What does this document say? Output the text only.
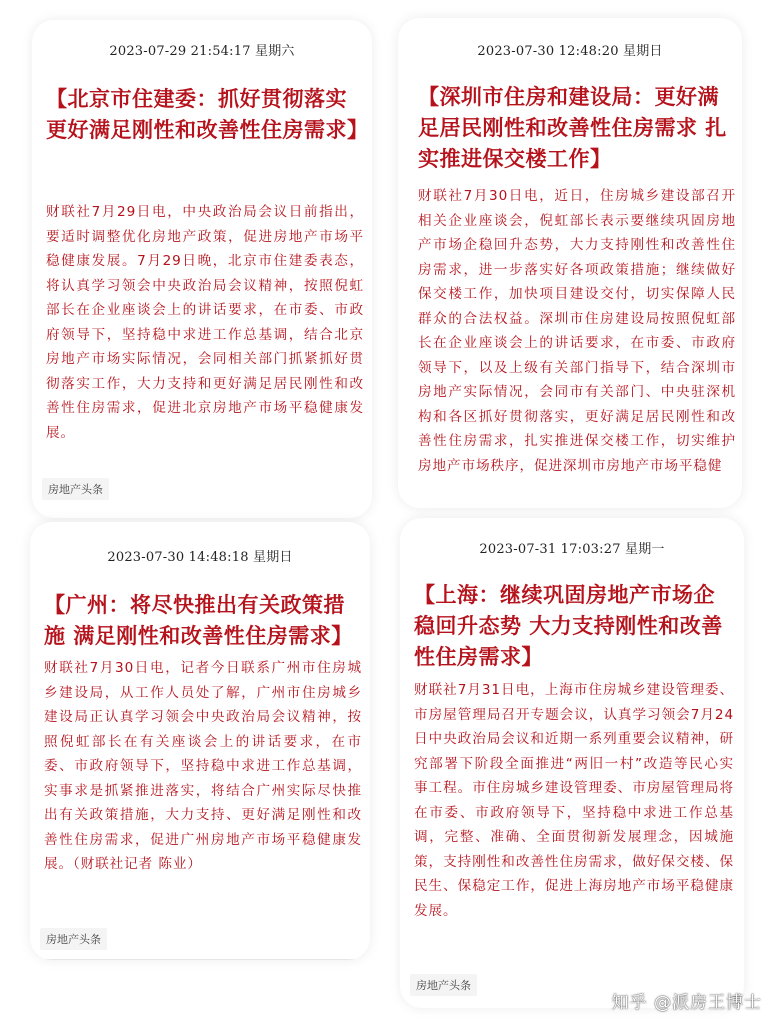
2023-07-29 21:54:17 星期六
【北京市住建委：抓好贯彻落实更好满足刚性和改善性住房需求】
财联社7月29日电，中央政治局会议日前指出，要适时调整优化房地产政策，促进房地产市场平稳健康发展。7月29日晚，北京市住建委表态，将认真学习领会中央政治局会议精神，按照倪虹部长在企业座谈会上的讲话要求，在市委、市政府领导下，坚持稳中求进工作总基调，结合北京房地产市场实际情况，会同相关部门抓紧抓好贯彻落实工作，大力支持和更好满足居民刚性和改善性住房需求，促进北京房地产市场平稳健康发展。
房地产头条
2023-07-30 12:48:20 星期日
【深圳市住房和建设局：更好满足居民刚性和改善性住房需求 扎实推进保交楼工作】
财联社7月30日电，近日，住房城乡建设部召开相关企业座谈会，倪虹部长表示要继续巩固房地产市场企稳回升态势，大力支持刚性和改善性住房需求，进一步落实好各项政策措施；继续做好保交楼工作，加快项目建设交付，切实保障人民群众的合法权益。深圳市住房建设局按照倪虹部长在企业座谈会上的讲话要求，在市委、市政府领导下，以及上级有关部门指导下，结合深圳市房地产实际情况，会同市有关部门、中央驻深机构和各区抓好贯彻落实，更好满足居民刚性和改善性住房需求，扎实推进保交楼工作，切实维护房地产市场秩序，促进深圳市房地产市场平稳健
2023-07-30 14:48:18 星期日
【广州：将尽快推出有关政策措施 满足刚性和改善性住房需求】
财联社7月30日电，记者今日联系广州市住房城乡建设局，从工作人员处了解，广州市住房城乡建设局正认真学习领会中央政治局会议精神，按照倪虹部长在有关座谈会上的讲话要求，在市委、市政府领导下，坚持稳中求进工作总基调，实事求是抓紧推进落实，将结合广州实际尽快推出有关政策措施，大力支持、更好满足刚性和改善性住房需求，促进广州房地产市场平稳健康发展。（财联社记者 陈业）
房地产头条
2023-07-31 17:03:27 星期一
【上海：继续巩固房地产市场企稳回升态势 大力支持刚性和改善性住房需求】
财联社7月31日电，上海市住房城乡建设管理委、市房屋管理局召开专题会议，认真学习领会7月24日中央政治局会议和近期一系列重要会议精神，研究部署下阶段全面推进“两旧一村”改造等民心实事工程。市住房城乡建设管理委、市房屋管理局将在市委、市政府领导下，坚持稳中求进工作总基调，完整、准确、全面贯彻新发展理念，因城施策，支持刚性和改善性住房需求，做好保交楼、保民生、保稳定工作，促进上海房地产市场平稳健康发展。
房地产头条
知乎 @派房王博士
